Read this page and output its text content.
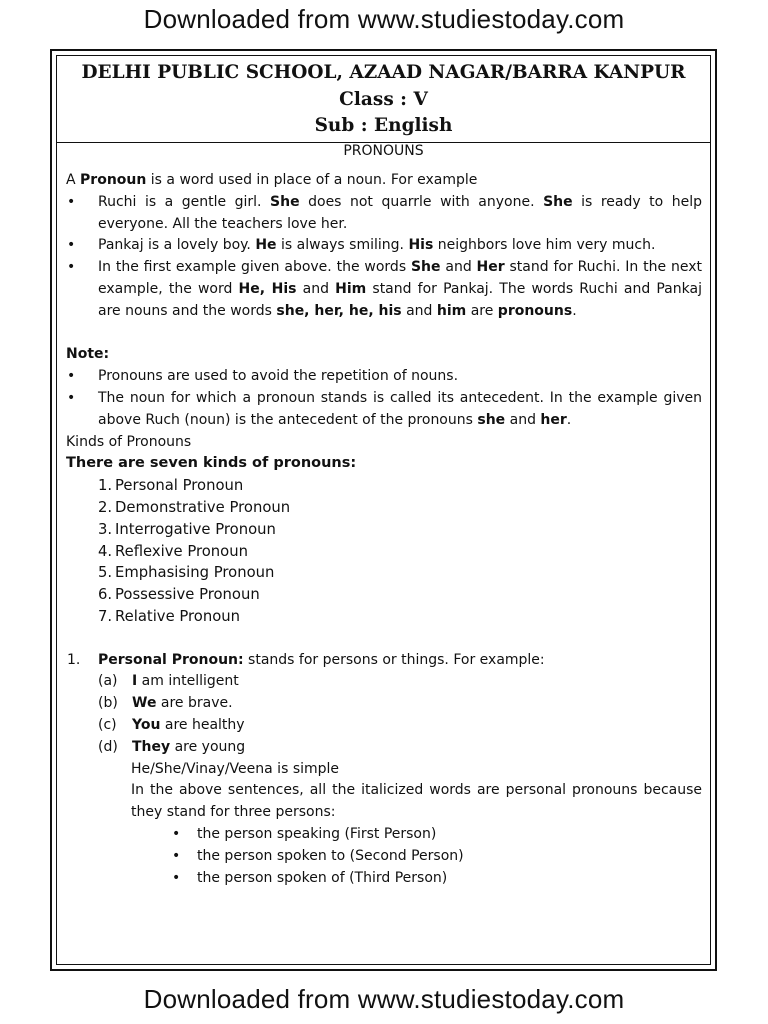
Downloaded from www.studiestoday.com
DELHI PUBLIC SCHOOL, AZAAD NAGAR/BARRA KANPUR
Class : V
Sub : English
PRONOUNS

A Pronoun is a word used in place of a noun. For example

• Ruchi is a gentle girl. She does not quarrle with anyone. She is ready to help everyone. All the teachers love her.
• Pankaj is a lovely boy. He is always smiling. His neighbors love him very much.
• In the first example given above. the words She and Her stand for Ruchi. In the next example, the word He, His and Him stand for Pankaj. The words Ruchi and Pankaj are nouns and the words she, her, he, his and him are pronouns.

Note:

• Pronouns are used to avoid the repetition of nouns.
• The noun for which a pronoun stands is called its antecedent. In the example given above Ruch (noun) is the antecedent of the pronouns she and her.

Kinds of Pronouns

There are seven kinds of pronouns:

1. Personal Pronoun
2. Demonstrative Pronoun
3. Interrogative Pronoun
4. Reflexive Pronoun
5. Emphasising Pronoun
6. Possessive Pronoun
7. Relative Pronoun

1. Personal Pronoun: stands for persons or things. For example:

(a) I am intelligent

(b) We are brave.

(c) You are healthy

(d) They are young

He/She/Vinay/Veena is simple

In the above sentences, all the italicized words are personal pronouns because they stand for three persons:

• the person speaking (First Person)
• the person spoken to (Second Person)
• the person spoken of (Third Person)
Downloaded from www.studiestoday.com
